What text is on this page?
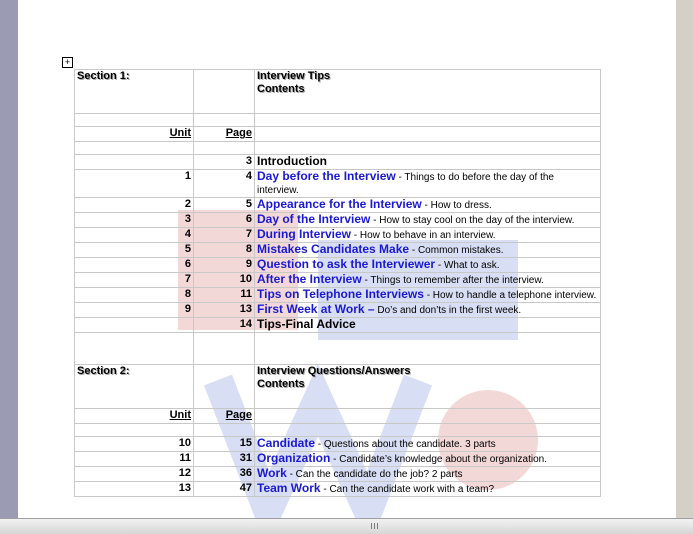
+
Section 1:		Interview Tips
Contents

Unit	Page	

	3	Introduction
1	4	Day before the Interview - Things to do before the day of the interview.
2	5	Appearance for the Interview - How to dress.
3	6	Day of the Interview - How to stay cool on the day of the interview.
4	7	During Interview - How to behave in an interview.
5	8	Mistakes Candidates Make - Common mistakes.
6	9	Question to ask the Interviewer - What to ask.
7	10	After the Interview - Things to remember after the interview.
8	11	Tips on Telephone Interviews - How to handle a telephone interview.
9	13	First Week at Work – Do’s and don’ts in the first week.
	14	Tips-Final Advice

Section 2:		Interview Questions/Answers
Contents

Unit	Page	

10	15	Candidate - Questions about the candidate. 3 parts
11	31	Organization - Candidate’s knowledge about the organization.
12	36	Work - Can the candidate do the job? 2 parts
13	47	Team Work - Can the candidate work with a team?
